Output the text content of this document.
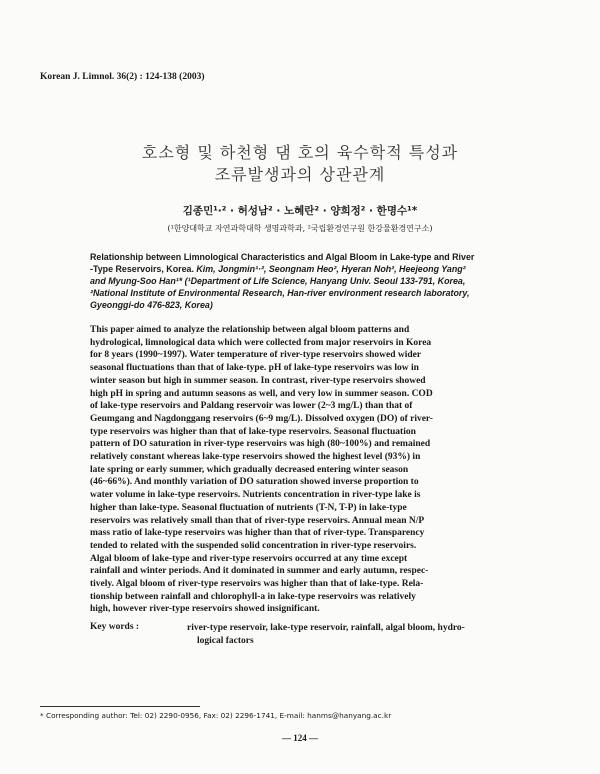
Korean J. Limnol. 36(2) : 124-138 (2003)
호소형 및 하천형 댐 호의 육수학적 특성과
조류발생과의 상관관계
김종민¹·² · 허성남² · 노혜란² · 양희정² · 한명수¹*
(¹한양대학교 자연과학대학 생명과학과, ²국립환경연구원 한강물환경연구소)
Relationship between Limnological Characteristics and Algal Bloom in Lake-type and River
-Type Reservoirs, Korea. Kim, Jongmin¹·², Seongnam Heo², Hyeran Noh², Heejeong Yang²
and Myung-Soo Han¹* (¹Department of Life Science, Hanyang Univ. Seoul 133-791, Korea,
²National Institute of Environmental Research, Han-river environment research laboratory,
Gyeonggi-do 476-823, Korea)
This paper aimed to analyze the relationship between algal bloom patterns and
hydrological, limnological data which were collected from major reservoirs in Korea
for 8 years (1990~1997). Water temperature of river-type reservoirs showed wider
seasonal fluctuations than that of lake-type. pH of lake-type reservoirs was low in
winter season but high in summer season. In contrast, river-type reservoirs showed
high pH in spring and autumn seasons as well, and very low in summer season. COD
of lake-type reservoirs and Paldang reservoir was lower (2~3 mg/L) than that of
Geumgang and Nagdonggang reservoirs (6~9 mg/L). Dissolved oxygen (DO) of river-
type reservoirs was higher than that of lake-type reservoirs. Seasonal fluctuation
pattern of DO saturation in river-type reservoirs was high (80~100%) and remained
relatively constant whereas lake-type reservoirs showed the highest level (93%) in
late spring or early summer, which gradually decreased entering winter season
(46~66%). And monthly variation of DO saturation showed inverse proportion to
water volume in lake-type reservoirs. Nutrients concentration in river-type lake is
higher than lake-type. Seasonal fluctuation of nutrients (T-N, T-P) in lake-type
reservoirs was relatively small than that of river-type reservoirs. Annual mean N/P
mass ratio of lake-type reservoirs was higher than that of river-type. Transparency
tended to related with the suspended solid concentration in river-type reservoirs.
Algal bloom of lake-type and river-type reservoirs occurred at any time except
rainfall and winter periods. And it dominated in summer and early autumn, respec-
tively. Algal bloom of river-type reservoirs was higher than that of lake-type. Rela-
tionship between rainfall and chlorophyll-a in lake-type reservoirs was relatively
high, however river-type reservoirs showed insignificant.
Key words :	river-type reservoir, lake-type reservoir, rainfall, algal bloom, hydro-
logical factors
* Corresponding author: Tel: 02) 2290-0956, Fax: 02) 2296-1741, E-mail: hanms@hanyang.ac.kr
— 124 —
